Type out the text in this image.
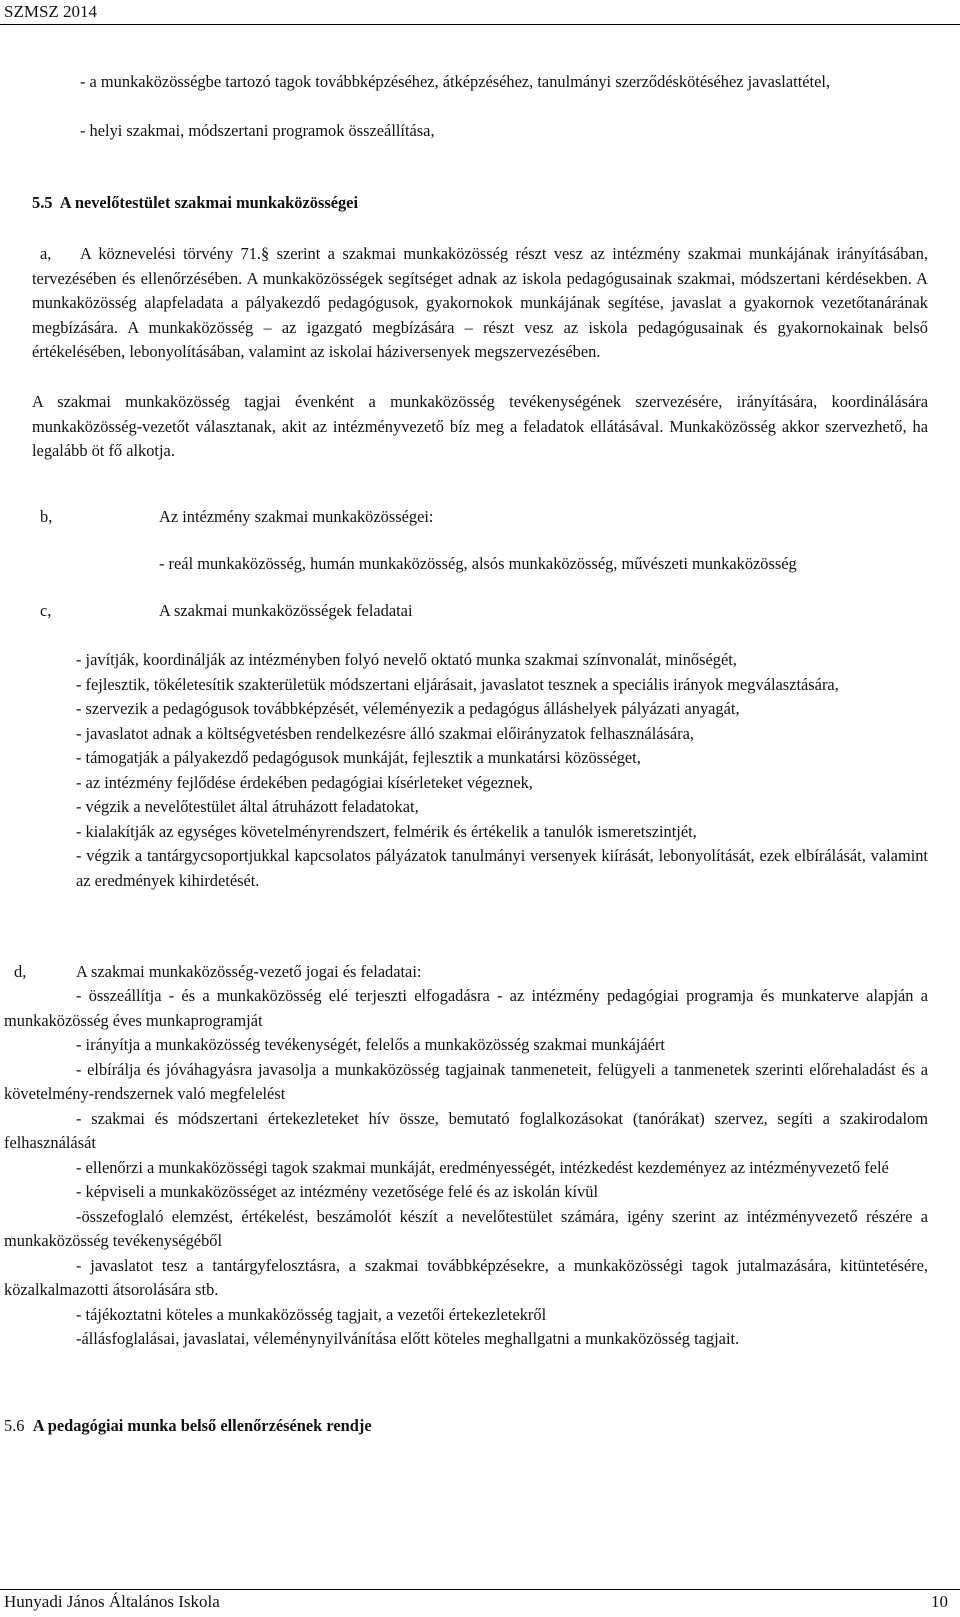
SZMSZ 2014
- a munkaközösségbe tartozó tagok továbbképzéséhez, átképzéséhez, tanulmányi szerződéskötéséhez javaslattétel,
- helyi szakmai, módszertani programok összeállítása,
5.5 A nevelőtestület szakmai munkaközösségei
a,	A köznevelési törvény 71.§ szerint a szakmai munkaközösség részt vesz az intézmény szakmai munkájának irányításában, tervezésében és ellenőrzésében. A munkaközösségek segítséget adnak az iskola pedagógusainak szakmai, módszertani kérdésekben. A munkaközösség alapfeladata a pályakezdő pedagógusok, gyakornokok munkájának segítése, javaslat a gyakornok vezetőtanárának megbízására. A munkaközösség – az igazgató megbízására – részt vesz az iskola pedagógusainak és gyakornokainak belső értékelésében, lebonyolításában, valamint az iskolai háziversenyek megszervezésében.
A szakmai munkaközösség tagjai évenként a munkaközösség tevékenységének szervezésére, irányítására, koordinálására munkaközösség-vezetőt választanak, akit az intézményvezető bíz meg a feladatok ellátásával. Munkaközösség akkor szervezhető, ha legalább öt fő alkotja.
b,	Az intézmény szakmai munkaközösségei:
- reál munkaközösség, humán munkaközösség, alsós munkaközösség, művészeti munkaközösség
c,	A szakmai munkaközösségek feladatai
- javítják, koordinálják az intézményben folyó nevelő oktató munka szakmai színvonalát, minőségét,
- fejlesztik, tökéletesítik szakterületük módszertani eljárásait, javaslatot tesznek a speciális irányok megválasztására,
- szervezik a pedagógusok továbbképzését, véleményezik a pedagógus álláshelyek pályázati anyagát,
- javaslatot adnak a költségvetésben rendelkezésre álló szakmai előirányzatok felhasználására,
- támogatják a pályakezdő pedagógusok munkáját, fejlesztik a munkatársi közösséget,
- az intézmény fejlődése érdekében pedagógiai kísérleteket végeznek,
- végzik a nevelőtestület által átruházott feladatokat,
- kialakítják az egységes követelményrendszert, felmérik és értékelik a tanulók ismeretszintjét,
- végzik a tantárgycsoportjukkal kapcsolatos pályázatok tanulmányi versenyek kiírását, lebonyolítását, ezek elbírálását, valamint az eredmények kihirdetését.
d,	A szakmai munkaközösség-vezető jogai és feladatai:
- összeállítja - és a munkaközösség elé terjeszti elfogadásra - az intézmény pedagógiai programja és munkaterve alapján a munkaközösség éves munkaprogramját
- irányítja a munkaközösség tevékenységét, felelős a munkaközösség szakmai munkájáért
- elbírálja és jóváhagyásra javasolja a munkaközösség tagjainak tanmeneteit, felügyeli a tanmenetek szerinti előrehaladást és a követelmény-rendszernek való megfelelést
- szakmai és módszertani értekezleteket hív össze, bemutató foglalkozásokat (tanórákat) szervez, segíti a szakirodalom felhasználását
- ellenőrzi a munkaközösségi tagok szakmai munkáját, eredményességét, intézkedést kezdeményez az intézményvezető felé
- képviseli a munkaközösséget az intézmény vezetősége felé és az iskolán kívül
-összefoglaló elemzést, értékelést, beszámolót készít a nevelőtestület számára, igény szerint az intézményvezető részére a munkaközösség tevékenységéből
- javaslatot tesz a tantárgyfelosztásra, a szakmai továbbképzésekre, a munkaközösségi tagok jutalmazására, kitüntetésére, közalkalmazotti átsorolására stb.
- tájékoztatni köteles a munkaközösség tagjait, a vezetői értekezletekről
-állásfoglalásai, javaslatai, véleménynyilvánítása előtt köteles meghallgatni a munkaközösség tagjait.
5.6 A pedagógiai munka belső ellenőrzésének rendje
Hunyadi János Általános Iskola	10
